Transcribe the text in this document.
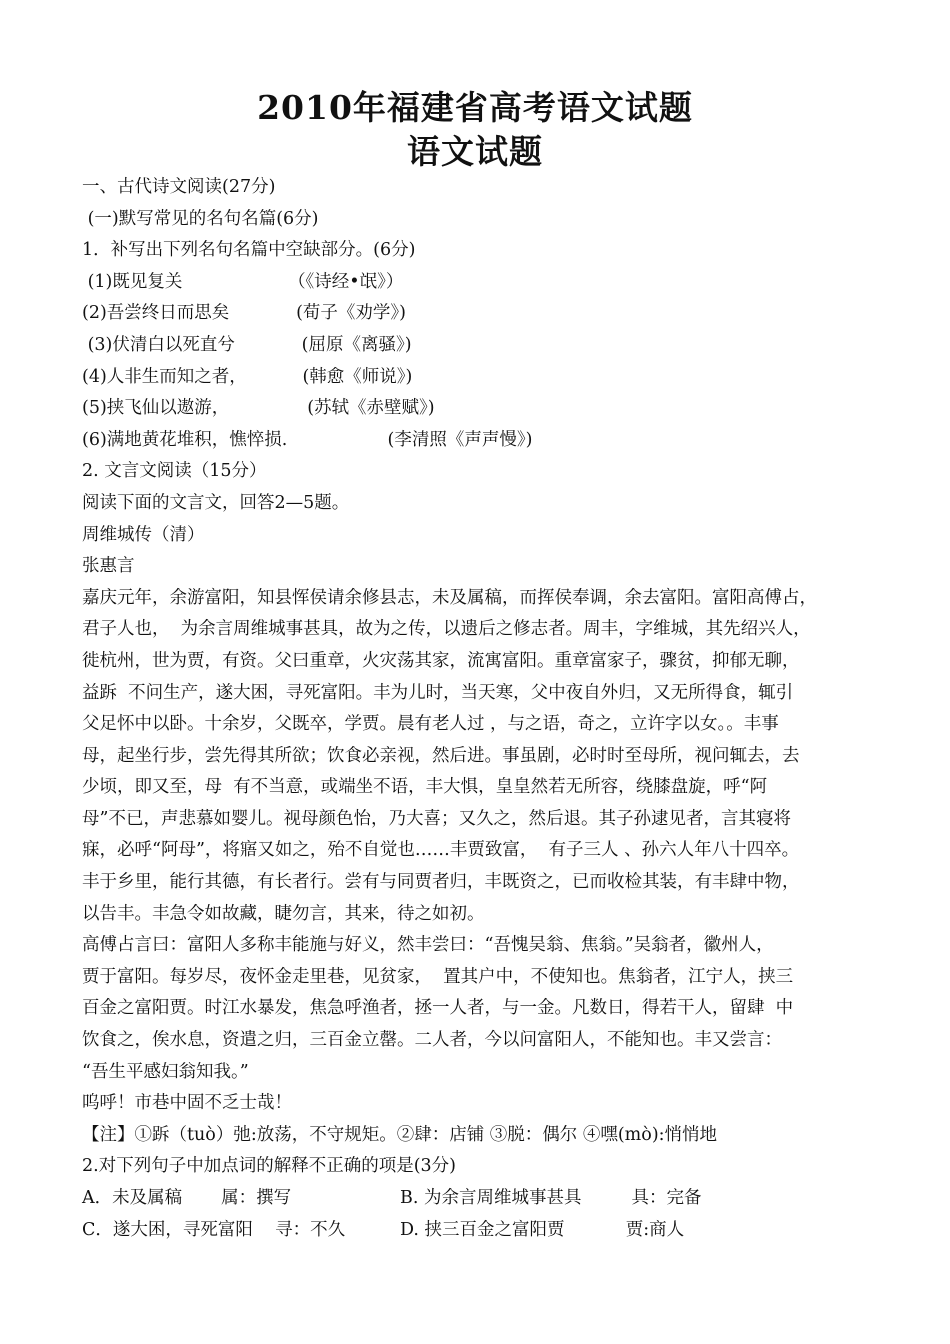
2010年福建省高考语文试题
语文试题
一、古代诗文阅读(27分)
(一)默写常见的名句名篇(6分)
1．补写出下列名句名篇中空缺部分。(6分)
(1)既见复关	（《诗经•氓》）
(2)吾尝终日而思矣	(荀子《劝学》)
(3)伏清白以死直兮	(屈原《离骚》)
(4)人非生而知之者，	(韩愈《师说》)
(5)挟飞仙以遨游，	(苏轼《赤壁赋》)
(6)满地黄花堆积，憔悴损.	(李清照《声声慢》)
2. 文言文阅读（15分）
阅读下面的文言文，回答2—5题。
周维城传（清）
张惠言
嘉庆元年，余游富阳，知县恽侯请余修县志，未及属稿，而挥侯奉调，余去富阳。富阳高傅占，
君子人也，  为余言周维城事甚具，故为之传，以遗后之修志者。周丰，字维城，其先绍兴人，
徙杭州，世为贾，有资。父曰重章，火灾荡其家，流寓富阳。重章富家子，骤贫，抑郁无聊，
益跅  不问生产，遂大困，寻死富阳。丰为儿时，当天寒，父中夜自外归，又无所得食，辄引
父足怀中以卧。十余岁，父既卒，学贾。晨有老人过 ，与之语，奇之，立许字以女。。丰事
母，起坐行步，尝先得其所欲；饮食必亲视，然后进。事虽剧，必时时至母所，视问辄去，去
少顷，即又至，母  有不当意，或端坐不语，丰大惧，皇皇然若无所容，绕膝盘旋，呼“阿
母”不已，声悲慕如婴儿。视母颜色怡，乃大喜；又久之，然后退。其子孙逮见者，言其寝将
寐，必呼“阿母”，将寤又如之，殆不自觉也……丰贾致富，  有子三人 、孙六人年八十四卒。
丰于乡里，能行其德，有长者行。尝有与同贾者归，丰既资之，已而收检其装，有丰肆中物，
以告丰。丰急令如故藏，睫勿言，其来，待之如初。
高傅占言曰：富阳人多称丰能施与好义，然丰尝曰：“吾愧吴翁、焦翁。”吴翁者，徽州人，
贾于富阳。每岁尽，夜怀金走里巷，见贫家，  置其户中，不使知也。焦翁者，江宁人，挟三
百金之富阳贾。时江水暴发，焦急呼渔者，拯一人者，与一金。凡数日，得若干人，留肆  中
饮食之，俟水息，资遣之归，三百金立罄。二人者，今以问富阳人，不能知也。丰又尝言：
“吾生平感妇翁知我。”
呜呼！市巷中固不乏士哉！
【注】①跅（tuò）弛:放荡，不守规矩。②肆：店铺 ③脱：偶尔 ④嘿(mò):悄悄地
2.对下列句子中加点词的解释不正确的项是(3分)
A．未及属稿       属：撰写	B. 为余言周维城事甚具         具：完备
C．遂大困，寻死富阳    寻：不久	D. 挟三百金之富阳贾           贾:商人
